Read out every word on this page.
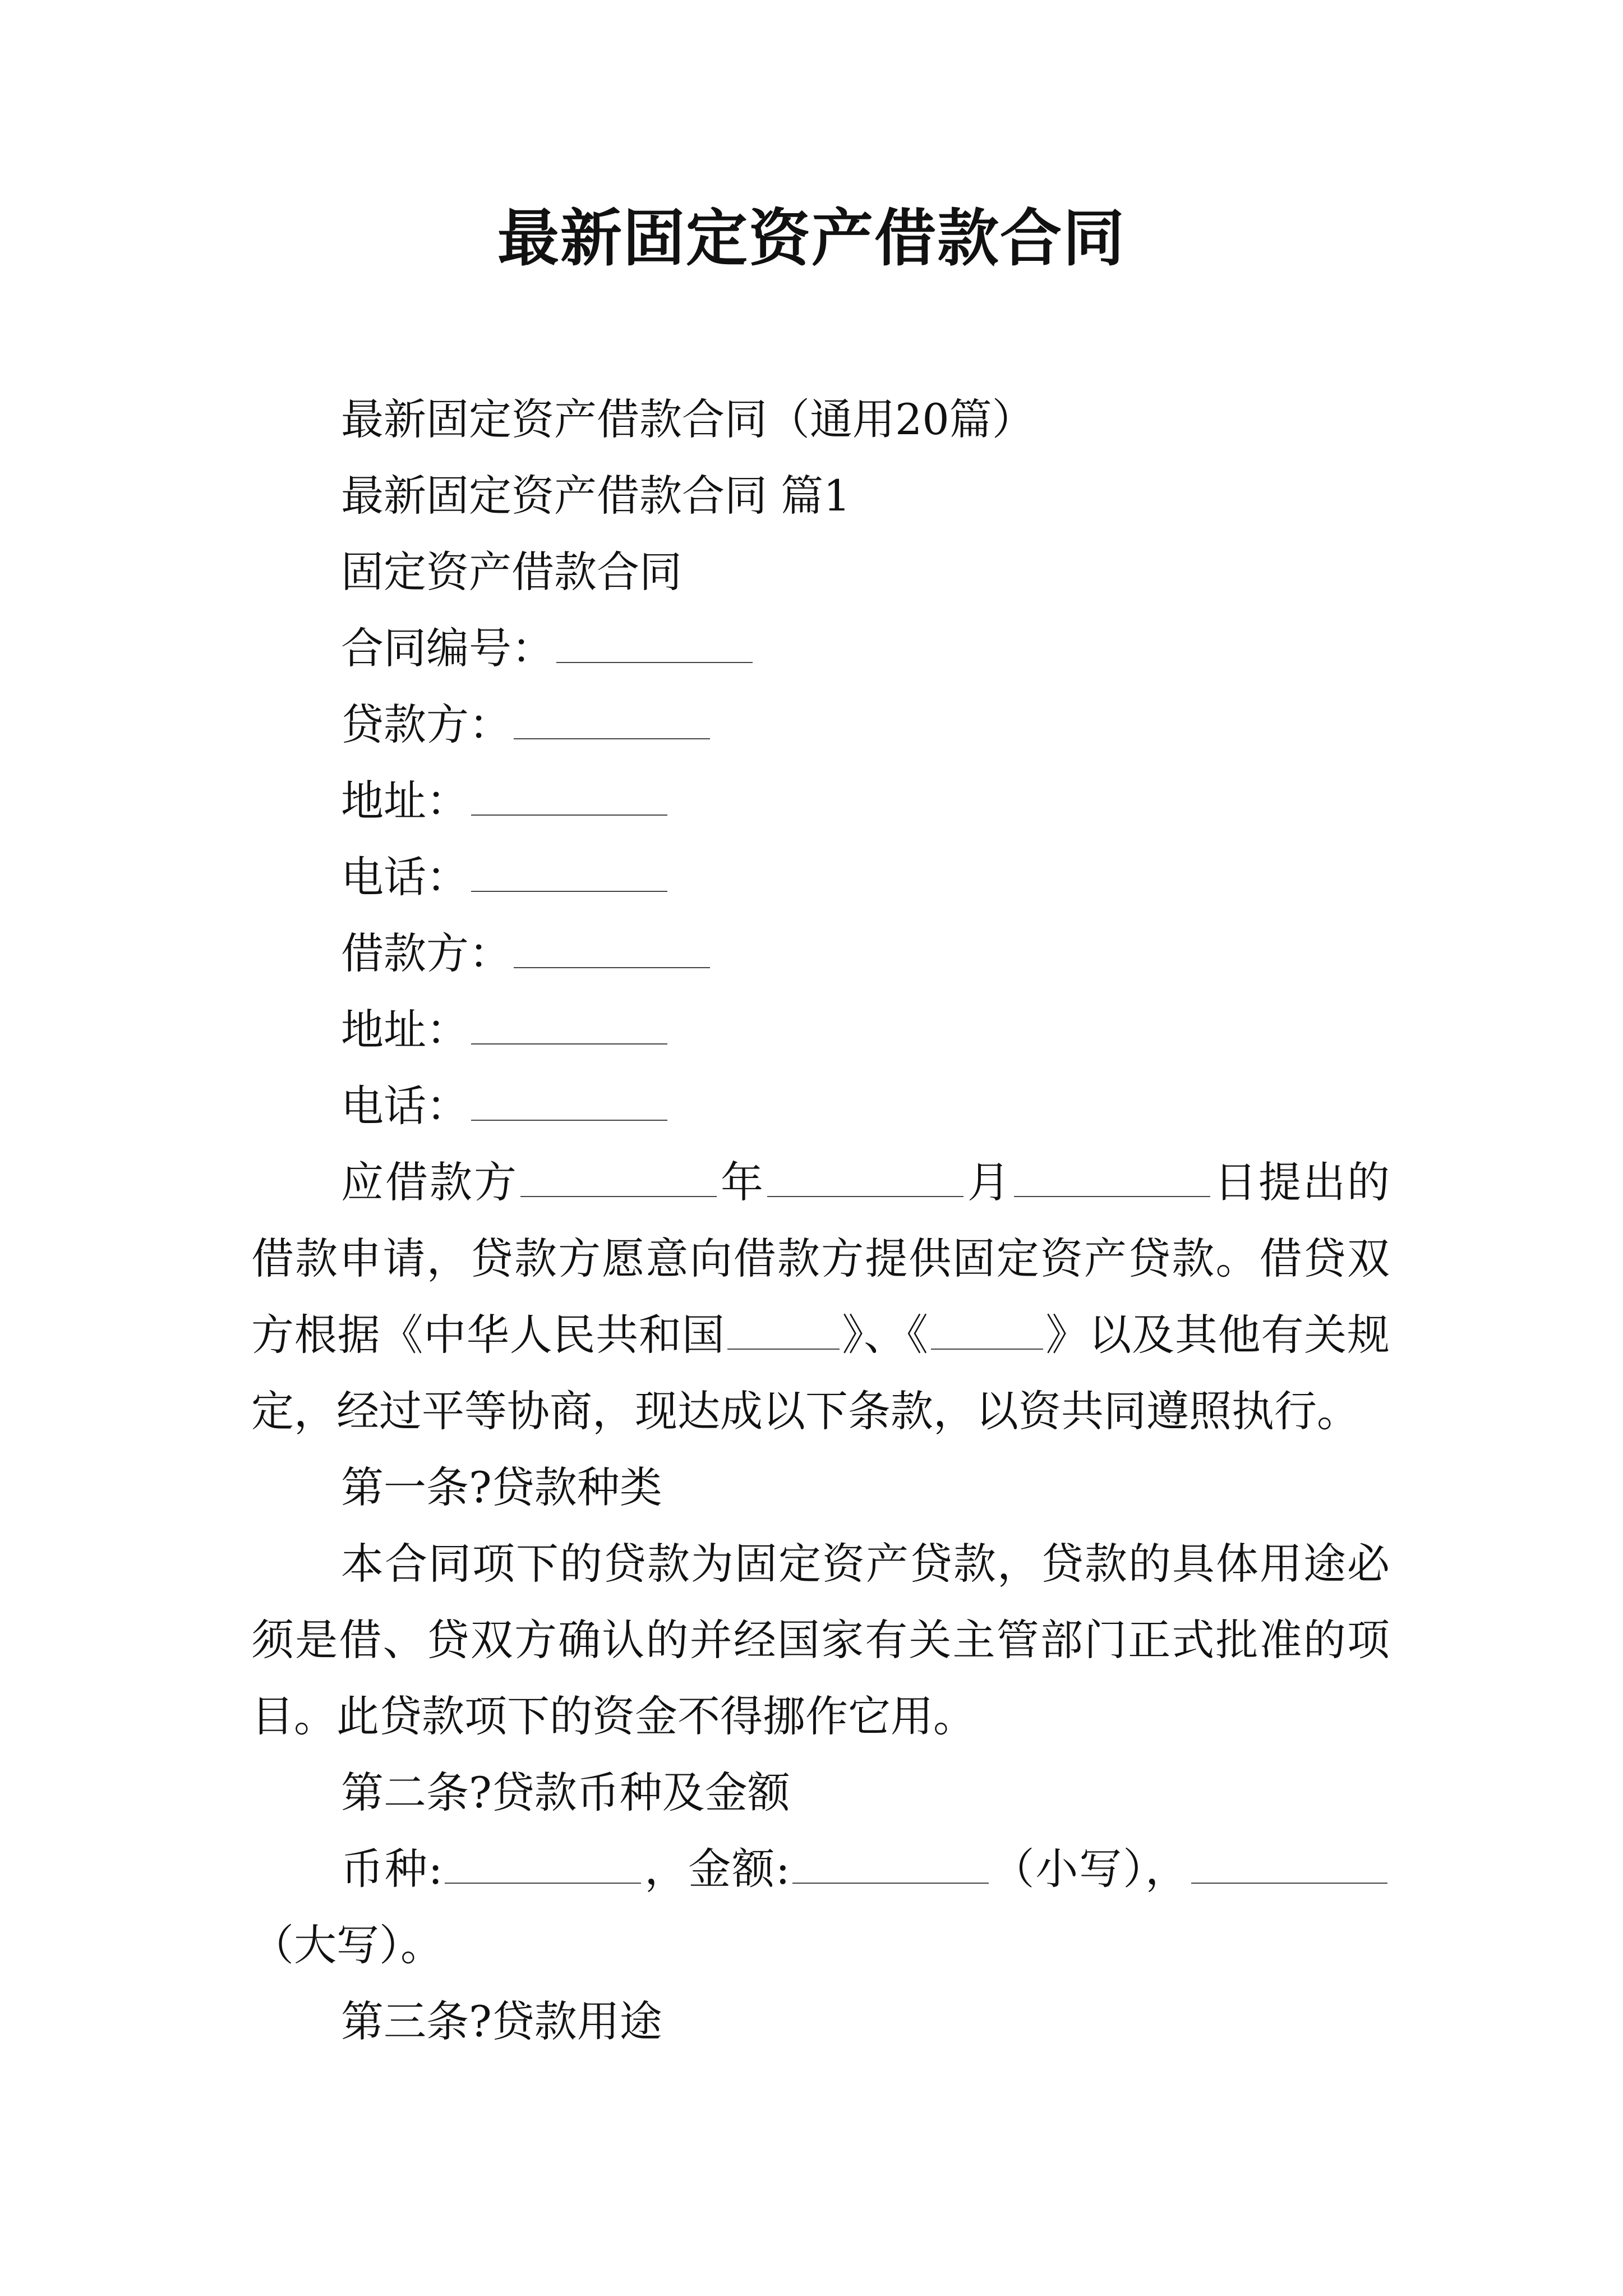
最新固定资产借款合同

最新固定资产借款合同（通用20篇）

最新固定资产借款合同 篇1

固定资产借款合同

合同编号：

贷款方：

地址：

电话：

借款方：

地址：

电话：

应借款方	年	月	日提出的借款申请，贷款方愿意向借款方提供固定资产贷款。借贷双方根据《中华人民共和国	》、《	》以及其他有关规定，经过平等协商，现达成以下条款，以资共同遵照执行。

第一条?贷款种类

本合同项下的贷款为固定资产贷款，贷款的具体用途必须是借、贷双方确认的并经国家有关主管部门正式批准的项目。此贷款项下的资金不得挪作它用。

第二条?贷款币种及金额

币种:	，金额:	（小写），（大写）。

第三条?贷款用途
